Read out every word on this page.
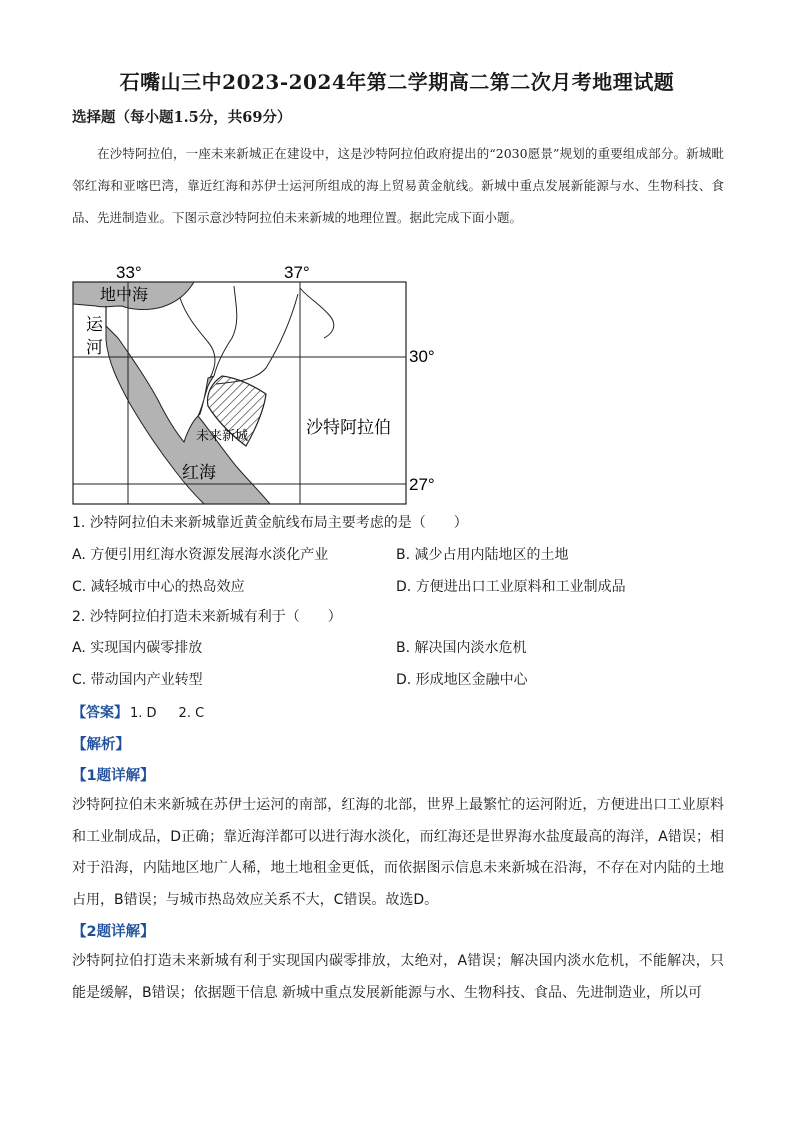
石嘴山三中2023-2024年第二学期高二第二次月考地理试题
选择题（每小题1.5分，共69分）
在沙特阿拉伯，一座未来新城正在建设中，这是沙特阿拉伯政府提出的“2030愿景”规划的重要组成部分。新城毗邻红海和亚喀巴湾，靠近红海和苏伊士运河所组成的海上贸易黄金航线。新城中重点发展新能源与水、生物科技、食品、先进制造业。下图示意沙特阿拉伯未来新城的地理位置。据此完成下面小题。
33°	37°
30°
27°
地中海
运
河
未来新城
红海
沙特阿拉伯
1. 沙特阿拉伯未来新城靠近黄金航线布局主要考虑的是（　　）
A. 方便引用红海水资源发展海水淡化产业	B. 减少占用内陆地区的土地
C. 减轻城市中心的热岛效应	D. 方便进出口工业原料和工业制成品
2. 沙特阿拉伯打造未来新城有利于（　　）
A. 实现国内碳零排放	B. 解决国内淡水危机
C. 带动国内产业转型	D. 形成地区金融中心
【答案】 1. D 2. C
【解析】
【1题详解】
沙特阿拉伯未来新城在苏伊士运河的南部，红海的北部，世界上最繁忙的运河附近，方便进出口工业原料和工业制成品，D正确；靠近海洋都可以进行海水淡化，而红海还是世界海水盐度最高的海洋，A错误；相对于沿海，内陆地区地广人稀，地土地租金更低，而依据图示信息未来新城在沿海，不存在对内陆的土地占用，B错误；与城市热岛效应关系不大，C错误。故选D。
【2题详解】
沙特阿拉伯打造未来新城有利于实现国内碳零排放，太绝对，A错误；解决国内淡水危机，不能解决，只能是缓解，B错误；依据题干信息 新城中重点发展新能源与水、生物科技、食品、先进制造业，所以可
